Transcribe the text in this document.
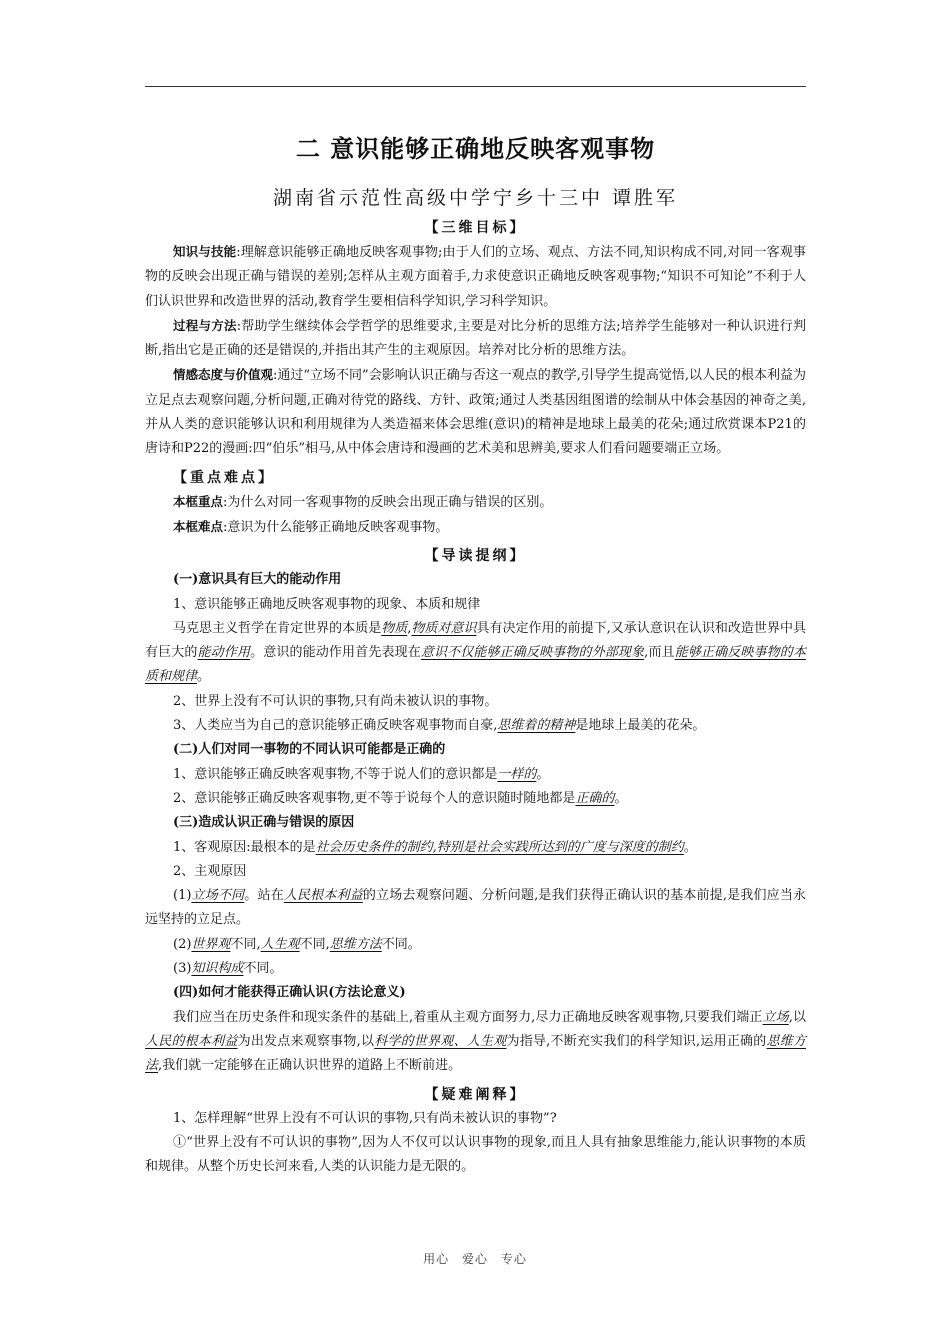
二 意识能够正确地反映客观事物
湖南省示范性高级中学宁乡十三中 谭胜军
【三维目标】

知识与技能:理解意识能够正确地反映客观事物;由于人们的立场、观点、方法不同,知识构成不同,对同一客观事物的反映会出现正确与错误的差别;怎样从主观方面着手,力求使意识正确地反映客观事物;“知识不可知论”不利于人们认识世界和改造世界的活动,教育学生要相信科学知识,学习科学知识。

过程与方法:帮助学生继续体会学哲学的思维要求,主要是对比分析的思维方法;培养学生能够对一种认识进行判断,指出它是正确的还是错误的,并指出其产生的主观原因。培养对比分析的思维方法。

情感态度与价值观:通过“立场不同”会影响认识正确与否这一观点的教学,引导学生提高觉悟,以人民的根本利益为立足点去观察问题,分析问题,正确对待党的路线、方针、政策;通过人类基因组图谱的绘制从中体会基因的神奇之美,并从人类的意识能够认识和利用规律为人类造福来体会思维(意识)的精神是地球上最美的花朵;通过欣赏课本P21的唐诗和P22的漫画:四“伯乐”相马,从中体会唐诗和漫画的艺术美和思辨美,要求人们看问题要端正立场。

【重点难点】

本框重点:为什么对同一客观事物的反映会出现正确与错误的区别。

本框难点:意识为什么能够正确地反映客观事物。

【导读提纲】
(一)意识具有巨大的能动作用

1、意识能够正确地反映客观事物的现象、本质和规律

马克思主义哲学在肯定世界的本质是物质,物质对意识具有决定作用的前提下,又承认意识在认识和改造世界中具有巨大的能动作用。意识的能动作用首先表现在意识不仅能够正确反映事物的外部现象,而且能够正确反映事物的本质和规律。

2、世界上没有不可认识的事物,只有尚未被认识的事物。

3、人类应当为自己的意识能够正确反映客观事物而自豪,思维着的精神是地球上最美的花朵。

(二)人们对同一事物的不同认识可能都是正确的

1、意识能够正确反映客观事物,不等于说人们的意识都是一样的。

2、意识能够正确反映客观事物,更不等于说每个人的意识随时随地都是正确的。

(三)造成认识正确与错误的原因

1、客观原因:最根本的是社会历史条件的制约,特别是社会实践所达到的广度与深度的制约。

2、主观原因

(1)立场不同。站在人民根本利益的立场去观察问题、分析问题,是我们获得正确认识的基本前提,是我们应当永远坚持的立足点。

(2)世界观不同,人生观不同,思维方法不同。

(3)知识构成不同。

(四)如何才能获得正确认识(方法论意义)

我们应当在历史条件和现实条件的基础上,着重从主观方面努力,尽力正确地反映客观事物,只要我们端正立场,以人民的根本利益为出发点来观察事物,以科学的世界观、人生观为指导,不断充实我们的科学知识,运用正确的思维方法,我们就一定能够在正确认识世界的道路上不断前进。

【疑难阐释】

1、怎样理解“世界上没有不可认识的事物,只有尚未被认识的事物”?

①“世界上没有不可认识的事物”,因为人不仅可以认识事物的现象,而且人具有抽象思维能力,能认识事物的本质和规律。从整个历史长河来看,人类的认识能力是无限的。

用心 爱心 专心
